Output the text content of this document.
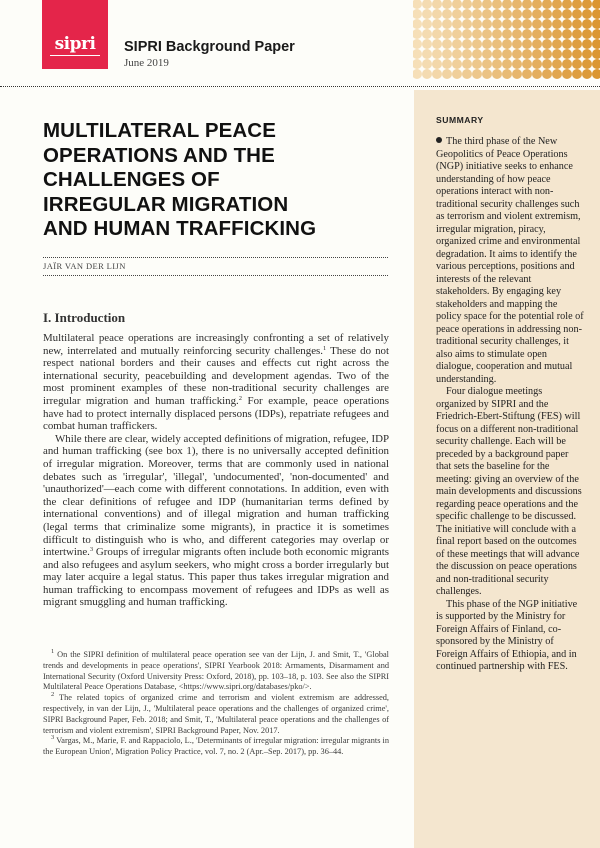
sipri SIPRI Background Paper
June 2019
MULTILATERAL PEACE
OPERATIONS AND THE
CHALLENGES OF
IRREGULAR MIGRATION
AND HUMAN TRAFFICKING
JAÏR VAN DER LIJN
I. Introduction

Multilateral peace operations are increasingly confronting a set of relatively new, interrelated and mutually reinforcing security challenges.$^1$ These do not respect national borders and their causes and effects cut right across the international security, peacebuilding and development agendas. Two of the most prominent examples of these non-traditional security challenges are irregular migration and human trafficking.$^2$ For example, peace operations have had to protect internally displaced persons (IDPs), repatriate refugees and combat human traffickers.

While there are clear, widely accepted definitions of migration, refugee, IDP and human trafficking (see box 1), there is no universally accepted definition of irregular migration. Moreover, terms that are commonly used in national debates such as 'irregular', 'illegal', 'undocumented', 'non-documented' and 'unauthorized'—each come with different connotations. In addition, even with the clear definitions of refugee and IDP (humanitarian terms defined by international conventions) and of illegal migration and human trafficking (legal terms that criminalize some migrants), in practice it is sometimes difficult to distinguish who is who, and different categories may overlap or intertwine.$^3$ Groups of irregular migrants often include both economic migrants and also refugees and asylum seekers, who might cross a border irregularly but may later acquire a legal status. This paper thus takes irregular migration and human trafficking to encompass movement of refugees and IDPs as well as migrant smuggling and human trafficking.

$^1$ On the SIPRI definition of multilateral peace operation see van der Lijn, J. and Smit, T., 'Global trends and developments in peace operations', SIPRI Yearbook 2018: Armaments, Disarmament and International Security (Oxford University Press: Oxford, 2018), pp. 103–18, p. 103. See also the SIPRI Multilateral Peace Operations Database, <https://www.sipri.org/databases/pko/>.

$^2$ The related topics of organized crime and terrorism and violent extremism are addressed, respectively, in van der Lijn, J., 'Multilateral peace operations and the challenges of organized crime', SIPRI Background Paper, Feb. 2018; and Smit, T., 'Multilateral peace operations and the challenges of terrorism and violent extremism', SIPRI Background Paper, Nov. 2017.

$^3$ Vargas, M., Marie, F. and Rappaciolo, L., 'Determinants of irregular migration: irregular migrants in the European Union', Migration Policy Practice, vol. 7, no. 2 (Apr.–Sep. 2017), pp. 36–44.

SUMMARY

The third phase of the New Geopolitics of Peace Operations (NGP) initiative seeks to enhance understanding of how peace operations interact with non-traditional security challenges such as terrorism and violent extremism, irregular migration, piracy, organized crime and environmental degradation. It aims to identify the various perceptions, positions and interests of the relevant stakeholders. By engaging key stakeholders and mapping the policy space for the potential role of peace operations in addressing non-traditional security challenges, it also aims to stimulate open dialogue, cooperation and mutual understanding.

Four dialogue meetings organized by SIPRI and the Friedrich-Ebert-Stiftung (FES) will focus on a different non-traditional security challenge. Each will be preceded by a background paper that sets the baseline for the meeting: giving an overview of the main developments and discussions regarding peace operations and the specific challenge to be discussed. The initiative will conclude with a final report based on the outcomes of these meetings that will advance the discussion on peace operations and non-traditional security challenges.

This phase of the NGP initiative is supported by the Ministry for Foreign Affairs of Finland, co-sponsored by the Ministry of Foreign Affairs of Ethiopia, and in continued partnership with FES.
